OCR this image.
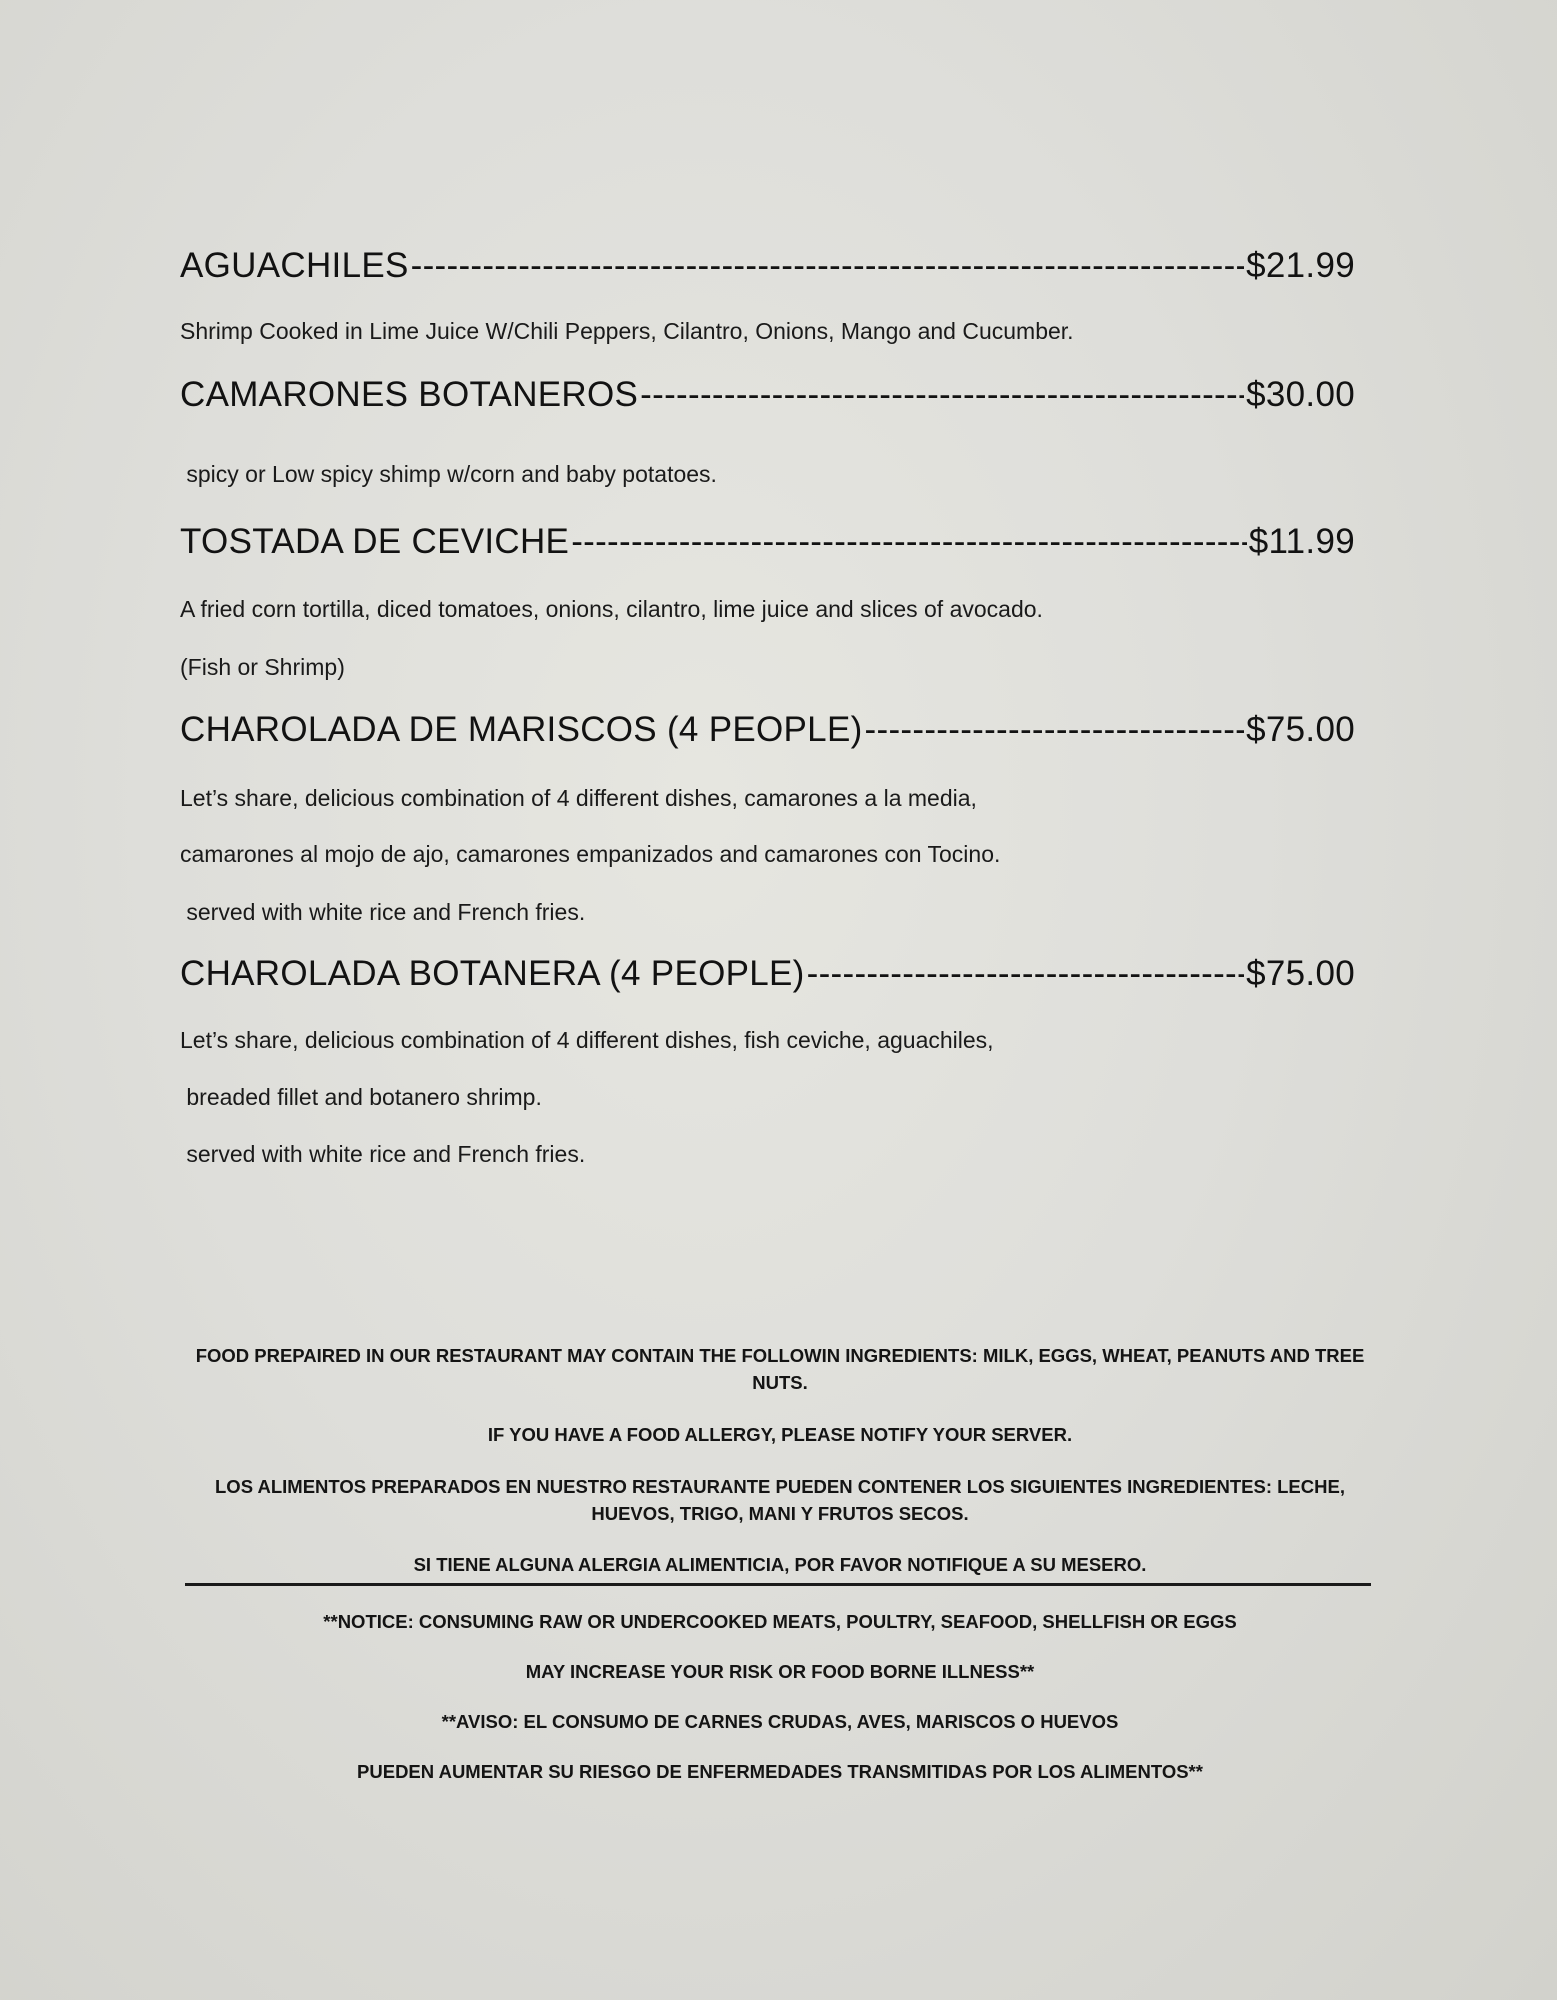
AGUACHILES -----	$21.99
Shrimp Cooked in Lime Juice W/Chili Peppers, Cilantro, Onions, Mango and Cucumber.
CAMARONES BOTANEROS -----	$30.00
spicy or Low spicy shimp w/corn and baby potatoes.
TOSTADA DE CEVICHE -----	$11.99
A fried corn tortilla, diced tomatoes, onions, cilantro, lime juice and slices of avocado.
(Fish or Shrimp)
CHAROLADA DE MARISCOS (4 PEOPLE) -----	$75.00
Let’s share, delicious combination of 4 different dishes, camarones a la media,
camarones al mojo de ajo, camarones empanizados and camarones con Tocino.
served with white rice and French fries.
CHAROLADA BOTANERA (4 PEOPLE) -----	$75.00
Let’s share, delicious combination of 4 different dishes, fish ceviche, aguachiles,
breaded fillet and botanero shrimp.
served with white rice and French fries.
FOOD PREPAIRED IN OUR RESTAURANT MAY CONTAIN THE FOLLOWIN INGREDIENTS: MILK, EGGS, WHEAT, PEANUTS AND TREE NUTS.
IF YOU HAVE A FOOD ALLERGY, PLEASE NOTIFY YOUR SERVER.
LOS ALIMENTOS PREPARADOS EN NUESTRO RESTAURANTE PUEDEN CONTENER LOS SIGUIENTES INGREDIENTES: LECHE, HUEVOS, TRIGO, MANI Y FRUTOS SECOS.
SI TIENE ALGUNA ALERGIA ALIMENTICIA, POR FAVOR NOTIFIQUE A SU MESERO.
**NOTICE: CONSUMING RAW OR UNDERCOOKED MEATS, POULTRY, SEAFOOD, SHELLFISH OR EGGS
MAY INCREASE YOUR RISK OR FOOD BORNE ILLNESS**
**AVISO: EL CONSUMO DE CARNES CRUDAS, AVES, MARISCOS O HUEVOS
PUEDEN AUMENTAR SU RIESGO DE ENFERMEDADES TRANSMITIDAS POR LOS ALIMENTOS**
